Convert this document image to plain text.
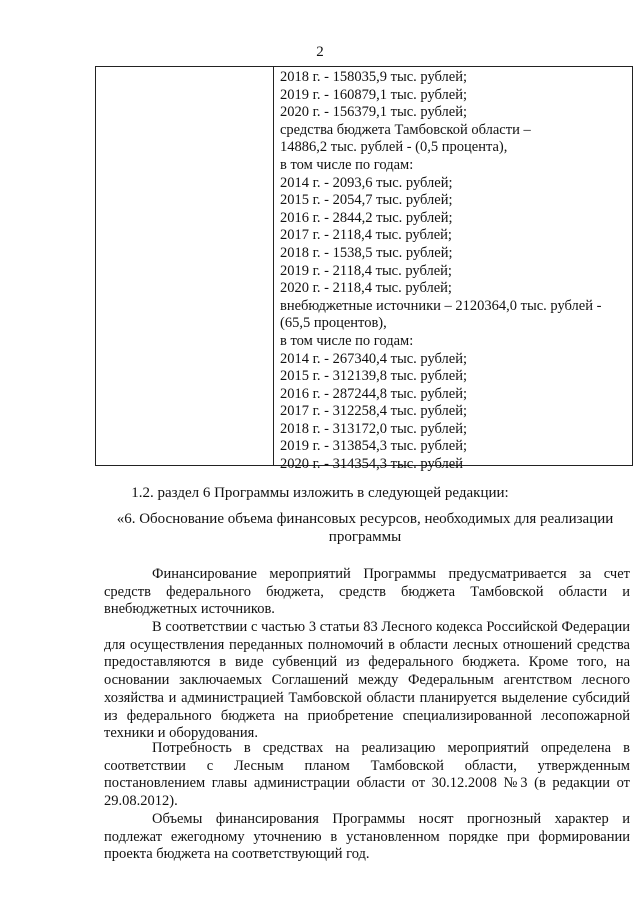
2
2018 г. - 158035,9 тыс. рублей;
2019 г. - 160879,1 тыс. рублей;
2020 г. - 156379,1 тыс. рублей;
средства бюджета Тамбовской области –
14886,2 тыс. рублей - (0,5 процента),
в том числе по годам:
2014 г. - 2093,6 тыс. рублей;
2015 г. - 2054,7 тыс. рублей;
2016 г. - 2844,2 тыс. рублей;
2017 г. - 2118,4 тыс. рублей;
2018 г. - 1538,5 тыс. рублей;
2019 г. - 2118,4 тыс. рублей;
2020 г. - 2118,4 тыс. рублей;
внебюджетные источники – 2120364,0 тыс. рублей -
(65,5 процентов),
в том числе по годам:
2014 г. - 267340,4 тыс. рублей;
2015 г. - 312139,8 тыс. рублей;
2016 г. - 287244,8 тыс. рублей;
2017 г. - 312258,4 тыс. рублей;
2018 г. - 313172,0 тыс. рублей;
2019 г. - 313854,3 тыс. рублей;
2020 г. - 314354,3 тыс. рублей
1.2. раздел 6 Программы изложить в следующей редакции:
«6. Обоснование объема финансовых ресурсов, необходимых для реализации программы
Финансирование мероприятий Программы предусматривается за счет средств федерального бюджета, средств бюджета Тамбовской области и внебюджетных источников.
В соответствии с частью 3 статьи 83 Лесного кодекса Российской Федерации для осуществления переданных полномочий в области лесных отношений средства предоставляются в виде субвенций из федерального бюджета. Кроме того, на основании заключаемых Соглашений между Федеральным агентством лесного хозяйства и администрацией Тамбовской области планируется выделение субсидий из федерального бюджета на приобретение специализированной лесопожарной техники и оборудования.
Потребность в средствах на реализацию мероприятий определена в соответствии с Лесным планом Тамбовской области, утвержденным постановлением главы администрации области от 30.12.2008 №3 (в редакции от 29.08.2012).
Объемы финансирования Программы носят прогнозный характер и подлежат ежегодному уточнению в установленном порядке при формировании проекта бюджета на соответствующий год.
